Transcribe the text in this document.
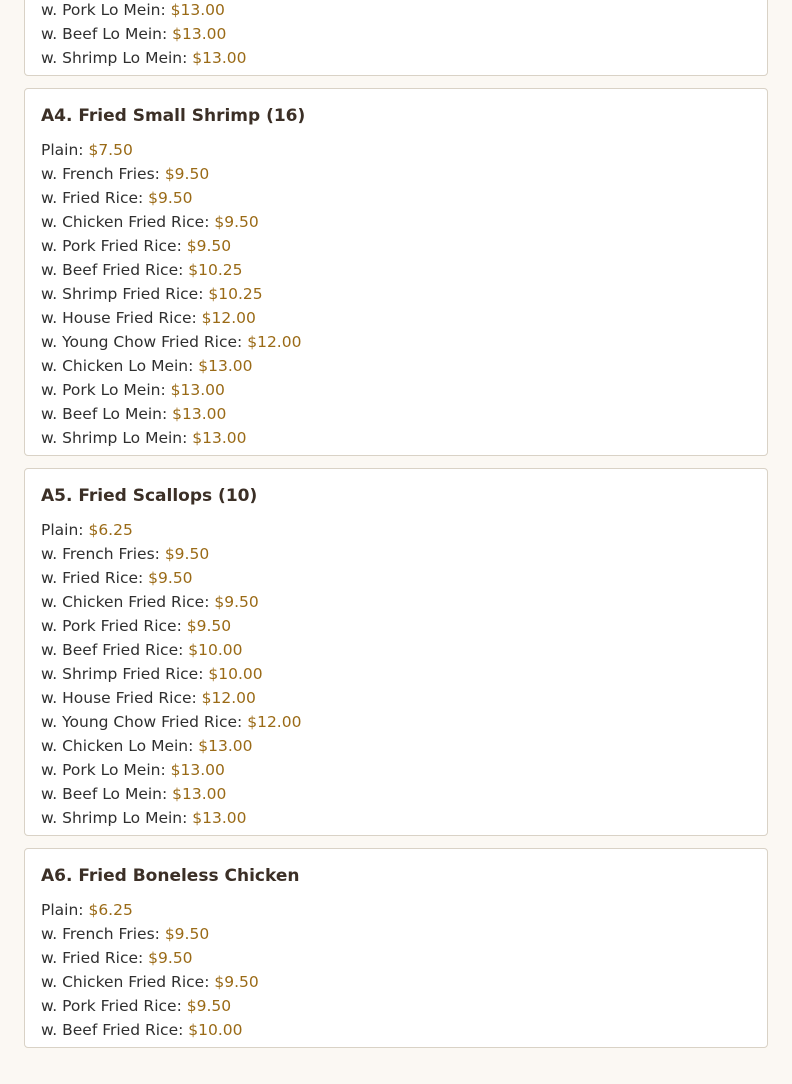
w. Pork Lo Mein: $13.00
w. Beef Lo Mein: $13.00
w. Shrimp Lo Mein: $13.00
A4. Fried Small Shrimp (16)
Plain: $7.50
w. French Fries: $9.50
w. Fried Rice: $9.50
w. Chicken Fried Rice: $9.50
w. Pork Fried Rice: $9.50
w. Beef Fried Rice: $10.25
w. Shrimp Fried Rice: $10.25
w. House Fried Rice: $12.00
w. Young Chow Fried Rice: $12.00
w. Chicken Lo Mein: $13.00
w. Pork Lo Mein: $13.00
w. Beef Lo Mein: $13.00
w. Shrimp Lo Mein: $13.00
A5. Fried Scallops (10)
Plain: $6.25
w. French Fries: $9.50
w. Fried Rice: $9.50
w. Chicken Fried Rice: $9.50
w. Pork Fried Rice: $9.50
w. Beef Fried Rice: $10.00
w. Shrimp Fried Rice: $10.00
w. House Fried Rice: $12.00
w. Young Chow Fried Rice: $12.00
w. Chicken Lo Mein: $13.00
w. Pork Lo Mein: $13.00
w. Beef Lo Mein: $13.00
w. Shrimp Lo Mein: $13.00
A6. Fried Boneless Chicken
Plain: $6.25
w. French Fries: $9.50
w. Fried Rice: $9.50
w. Chicken Fried Rice: $9.50
w. Pork Fried Rice: $9.50
w. Beef Fried Rice: $10.00
